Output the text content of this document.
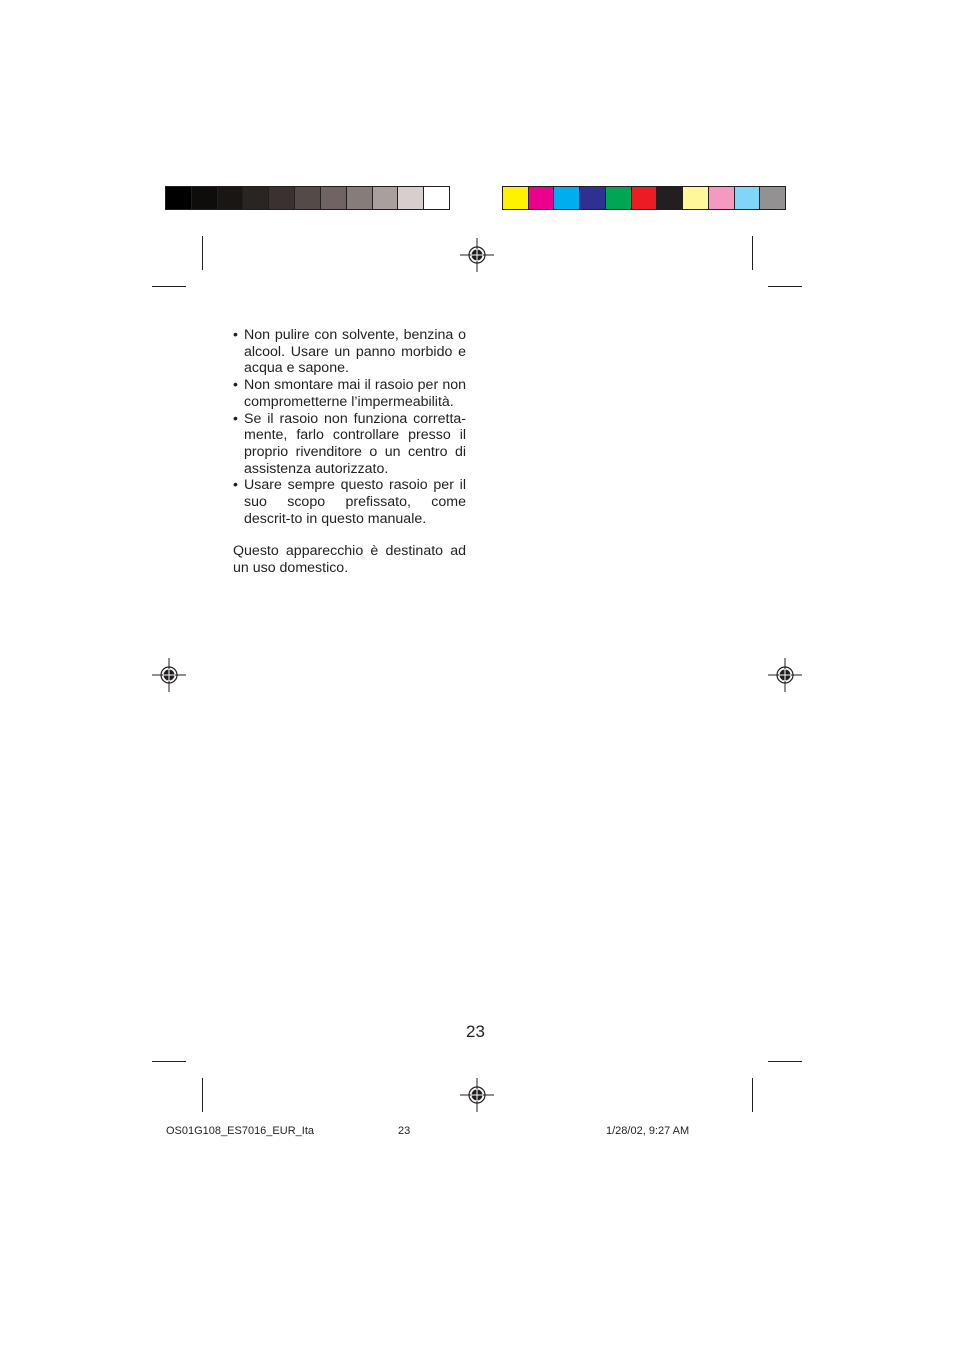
• Non pulire con solvente, benzina o alcool. Usare un panno morbido e acqua e sapone.
• Non smontare mai il rasoio per non comprometterne l’impermeabilità.
• Se il rasoio non funziona corretta-mente, farlo controllare presso il proprio rivenditore o un centro di assistenza autorizzato.
• Usare sempre questo rasoio per il suo scopo prefissato, come descrit-to in questo manuale.

Questo apparecchio è destinato ad un uso domestico.

23
OS01G108_ES7016_EUR_Ita	23	1/28/02, 9:27 AM
